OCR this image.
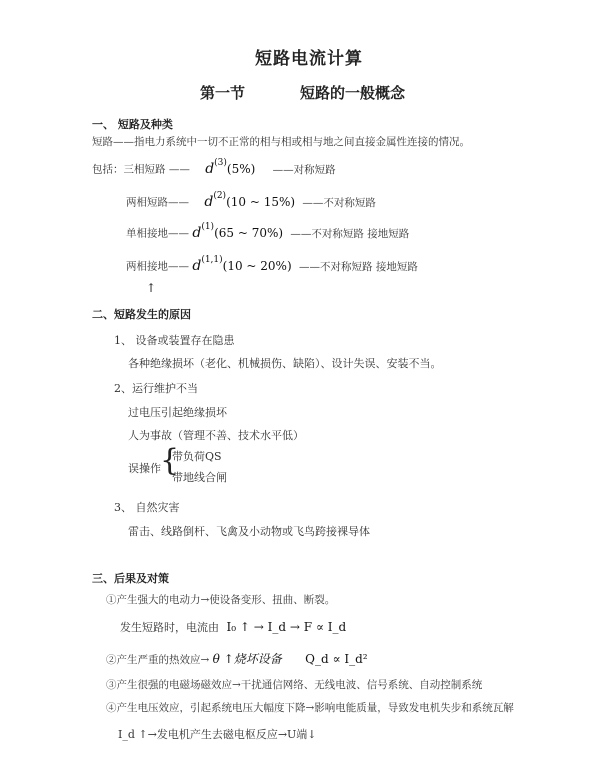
短路电流计算
第一节	短路的一般概念
一、 短路及种类
短路——指电力系统中一切不正常的相与相或相与地之间直接金属性连接的情况。
包括：三相短路 —— $d^{(3)}(5\%)$ ——对称短路
两相短路—— $d^{(2)}(10$ ~ 15%) ——不对称短路
单相接地—— $d^{(1)}(65$ ~ 70%) ——不对称短路 接地短路
两相接地—— $d^{(1,1)}(10$ ~ 20%) ——不对称短路 接地短路
↑
二、短路发生的原因
1、 设备或装置存在隐患
各种绝缘损坏（老化、机械损伤、缺陷）、设计失误、安装不当。
2、运行维护不当
过电压引起绝缘损坏
人为事故（管理不善、技术水平低）
误操作 {
带负荷QS
带地线合闸
3、 自然灾害
雷击、线路倒杆、飞禽及小动物或飞鸟跨接裸导体
三、后果及对策
①产生强大的电动力→使设备变形、扭曲、断裂。
发生短路时，电流由 I₀ ↑ → I_d → F ∝ I_d
②产生严重的热效应→ θ ↑烧坏设备 Q_d ∝ I_d²
③产生很强的电磁场磁效应→干扰通信网络、无线电波、信号系统、自动控制系统
④产生电压效应，引起系统电压大幅度下降→影响电能质量，导致发电机失步和系统瓦解
I_d ↑→发电机产生去磁电枢反应→U端↓
